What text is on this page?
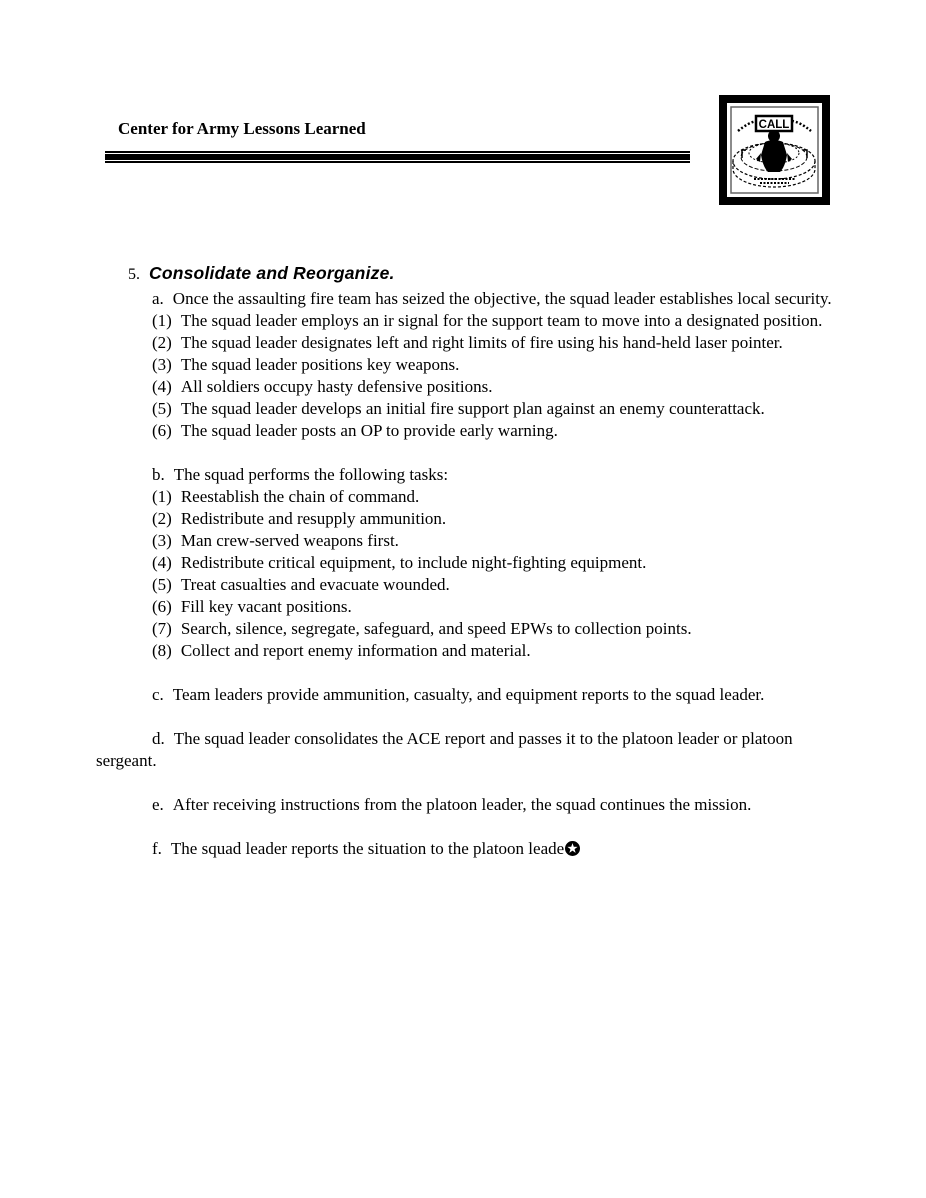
Center for Army Lessons Learned	CALL

5. Consolidate and Reorganize.

a. Once the assaulting fire team has seized the objective, the squad leader establishes local security.

(1) The squad leader employs an ir signal for the support team to move into a designated position.

(2) The squad leader designates left and right limits of fire using his hand-held laser pointer.

(3) The squad leader positions key weapons.

(4) All soldiers occupy hasty defensive positions.

(5) The squad leader develops an initial fire support plan against an enemy counterattack.

(6) The squad leader posts an OP to provide early warning.

b. The squad performs the following tasks:

(1) Reestablish the chain of command.

(2) Redistribute and resupply ammunition.

(3) Man crew-served weapons first.

(4) Redistribute critical equipment, to include night-fighting equipment.

(5) Treat casualties and evacuate wounded.

(6) Fill key vacant positions.

(7) Search, silence, segregate, safeguard, and speed EPWs to collection points.

(8) Collect and report enemy information and material.

c. Team leaders provide ammunition, casualty, and equipment reports to the squad leader.

d. The squad leader consolidates the ACE report and passes it to the platoon leader or platoon sergeant.

e. After receiving instructions from the platoon leader, the squad continues the mission.

f. The squad leader reports the situation to the platoon leade
